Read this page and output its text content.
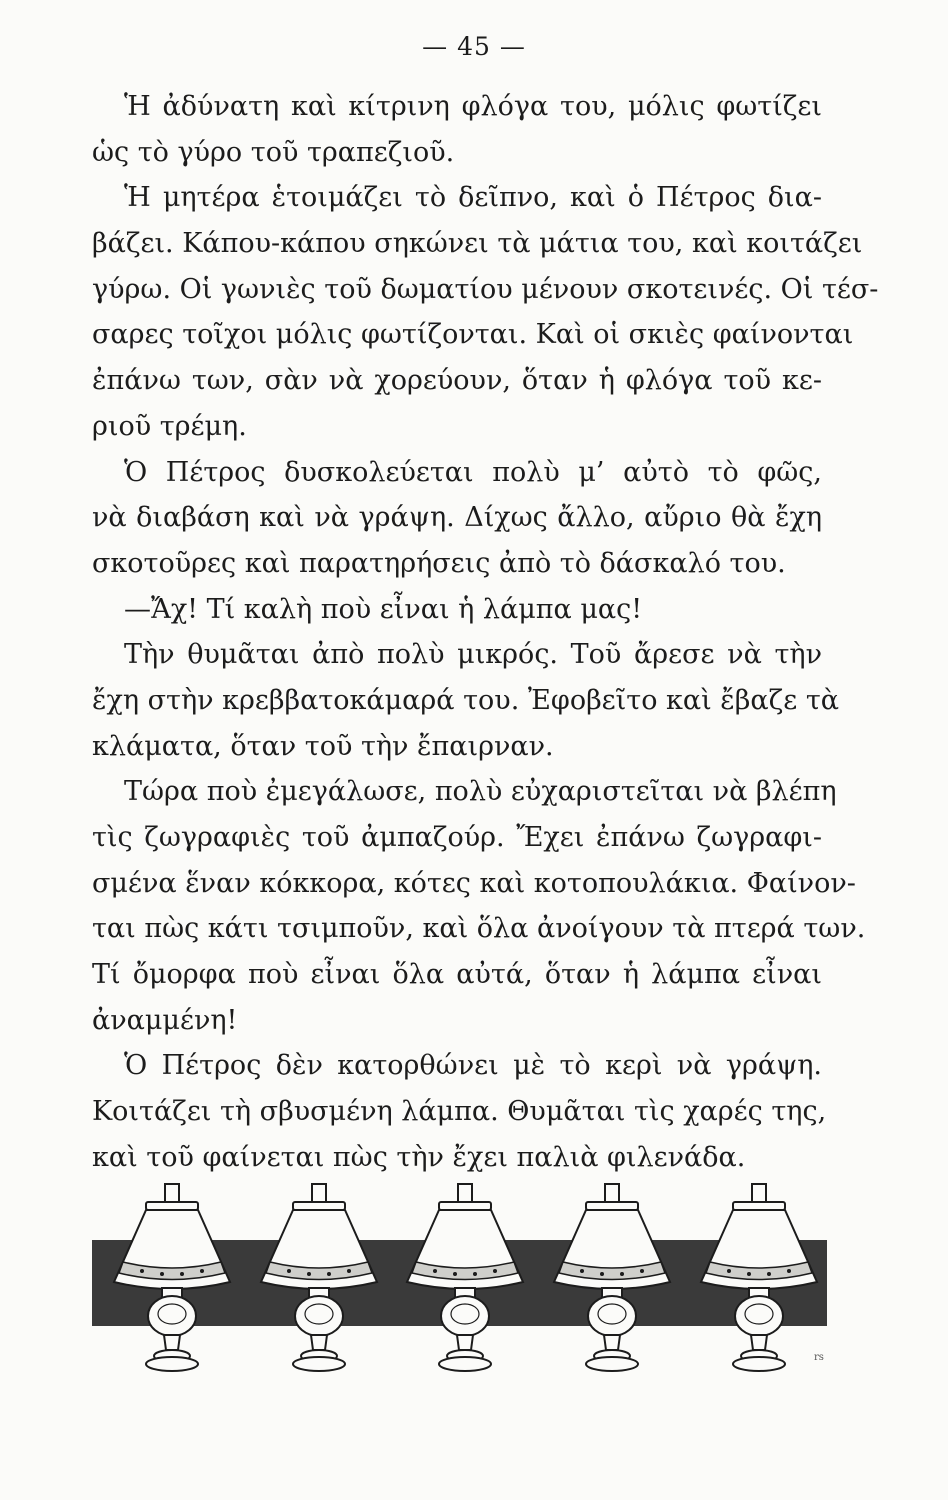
— 45 —
Ἡ ἀδύνατη καὶ κίτρινη φλόγα του, μόλις φωτίζει
ὡς τὸ γύρο τοῦ τραπεζιοῦ.
Ἡ μητέρα ἑτοιμάζει τὸ δεῖπνο, καὶ ὁ Πέτρος δια-
βάζει. Κάπου-κάπου σηκώνει τὰ μάτια του, καὶ κοιτάζει
γύρω. Οἱ γωνιὲς τοῦ δωματίου μένουν σκοτεινές. Οἱ τέσ-
σαρες τοῖχοι μόλις φωτίζονται. Καὶ οἱ σκιὲς φαίνονται
ἐπάνω των, σὰν νὰ χορεύουν, ὅταν ἡ φλόγα τοῦ κε-
ριοῦ τρέμη.
Ὁ Πέτρος δυσκολεύεται πολὺ μ’ αὐτὸ τὸ φῶς,
νὰ διαβάση καὶ νὰ γράψη. Δίχως ἄλλο, αὔριο θὰ ἔχη
σκοτοῦρες καὶ παρατηρήσεις ἀπὸ τὸ δάσκαλό του.
—Ἄχ! Τί καλὴ ποὺ εἶναι ἡ λάμπα μας!
Τὴν θυμᾶται ἀπὸ πολὺ μικρός. Τοῦ ἄρεσε νὰ τὴν
ἔχη στὴν κρεββατοκάμαρά του. Ἐφοβεῖτο καὶ ἔβαζε τὰ
κλάματα, ὅταν τοῦ τὴν ἔπαιρναν.
Τώρα ποὺ ἐμεγάλωσε, πολὺ εὐχαριστεῖται νὰ βλέπη
τὶς ζωγραφιὲς τοῦ ἀμπαζούρ. Ἔχει ἐπάνω ζωγραφι-
σμένα ἕναν κόκκορα, κότες καὶ κοτοπουλάκια. Φαίνον-
ται πὼς κάτι τσιμποῦν, καὶ ὅλα ἀνοίγουν τὰ πτερά των.
Τί ὄμορφα ποὺ εἶναι ὅλα αὐτά, ὅταν ἡ λάμπα εἶναι
ἀναμμένη!
Ὁ Πέτρος δὲν κατορθώνει μὲ τὸ κερὶ νὰ γράψη.
Κοιτάζει τὴ σβυσμένη λάμπα. Θυμᾶται τὶς χαρές της,
καὶ τοῦ φαίνεται πὼς τὴν ἔχει παλιὰ φιλενάδα.
rs
